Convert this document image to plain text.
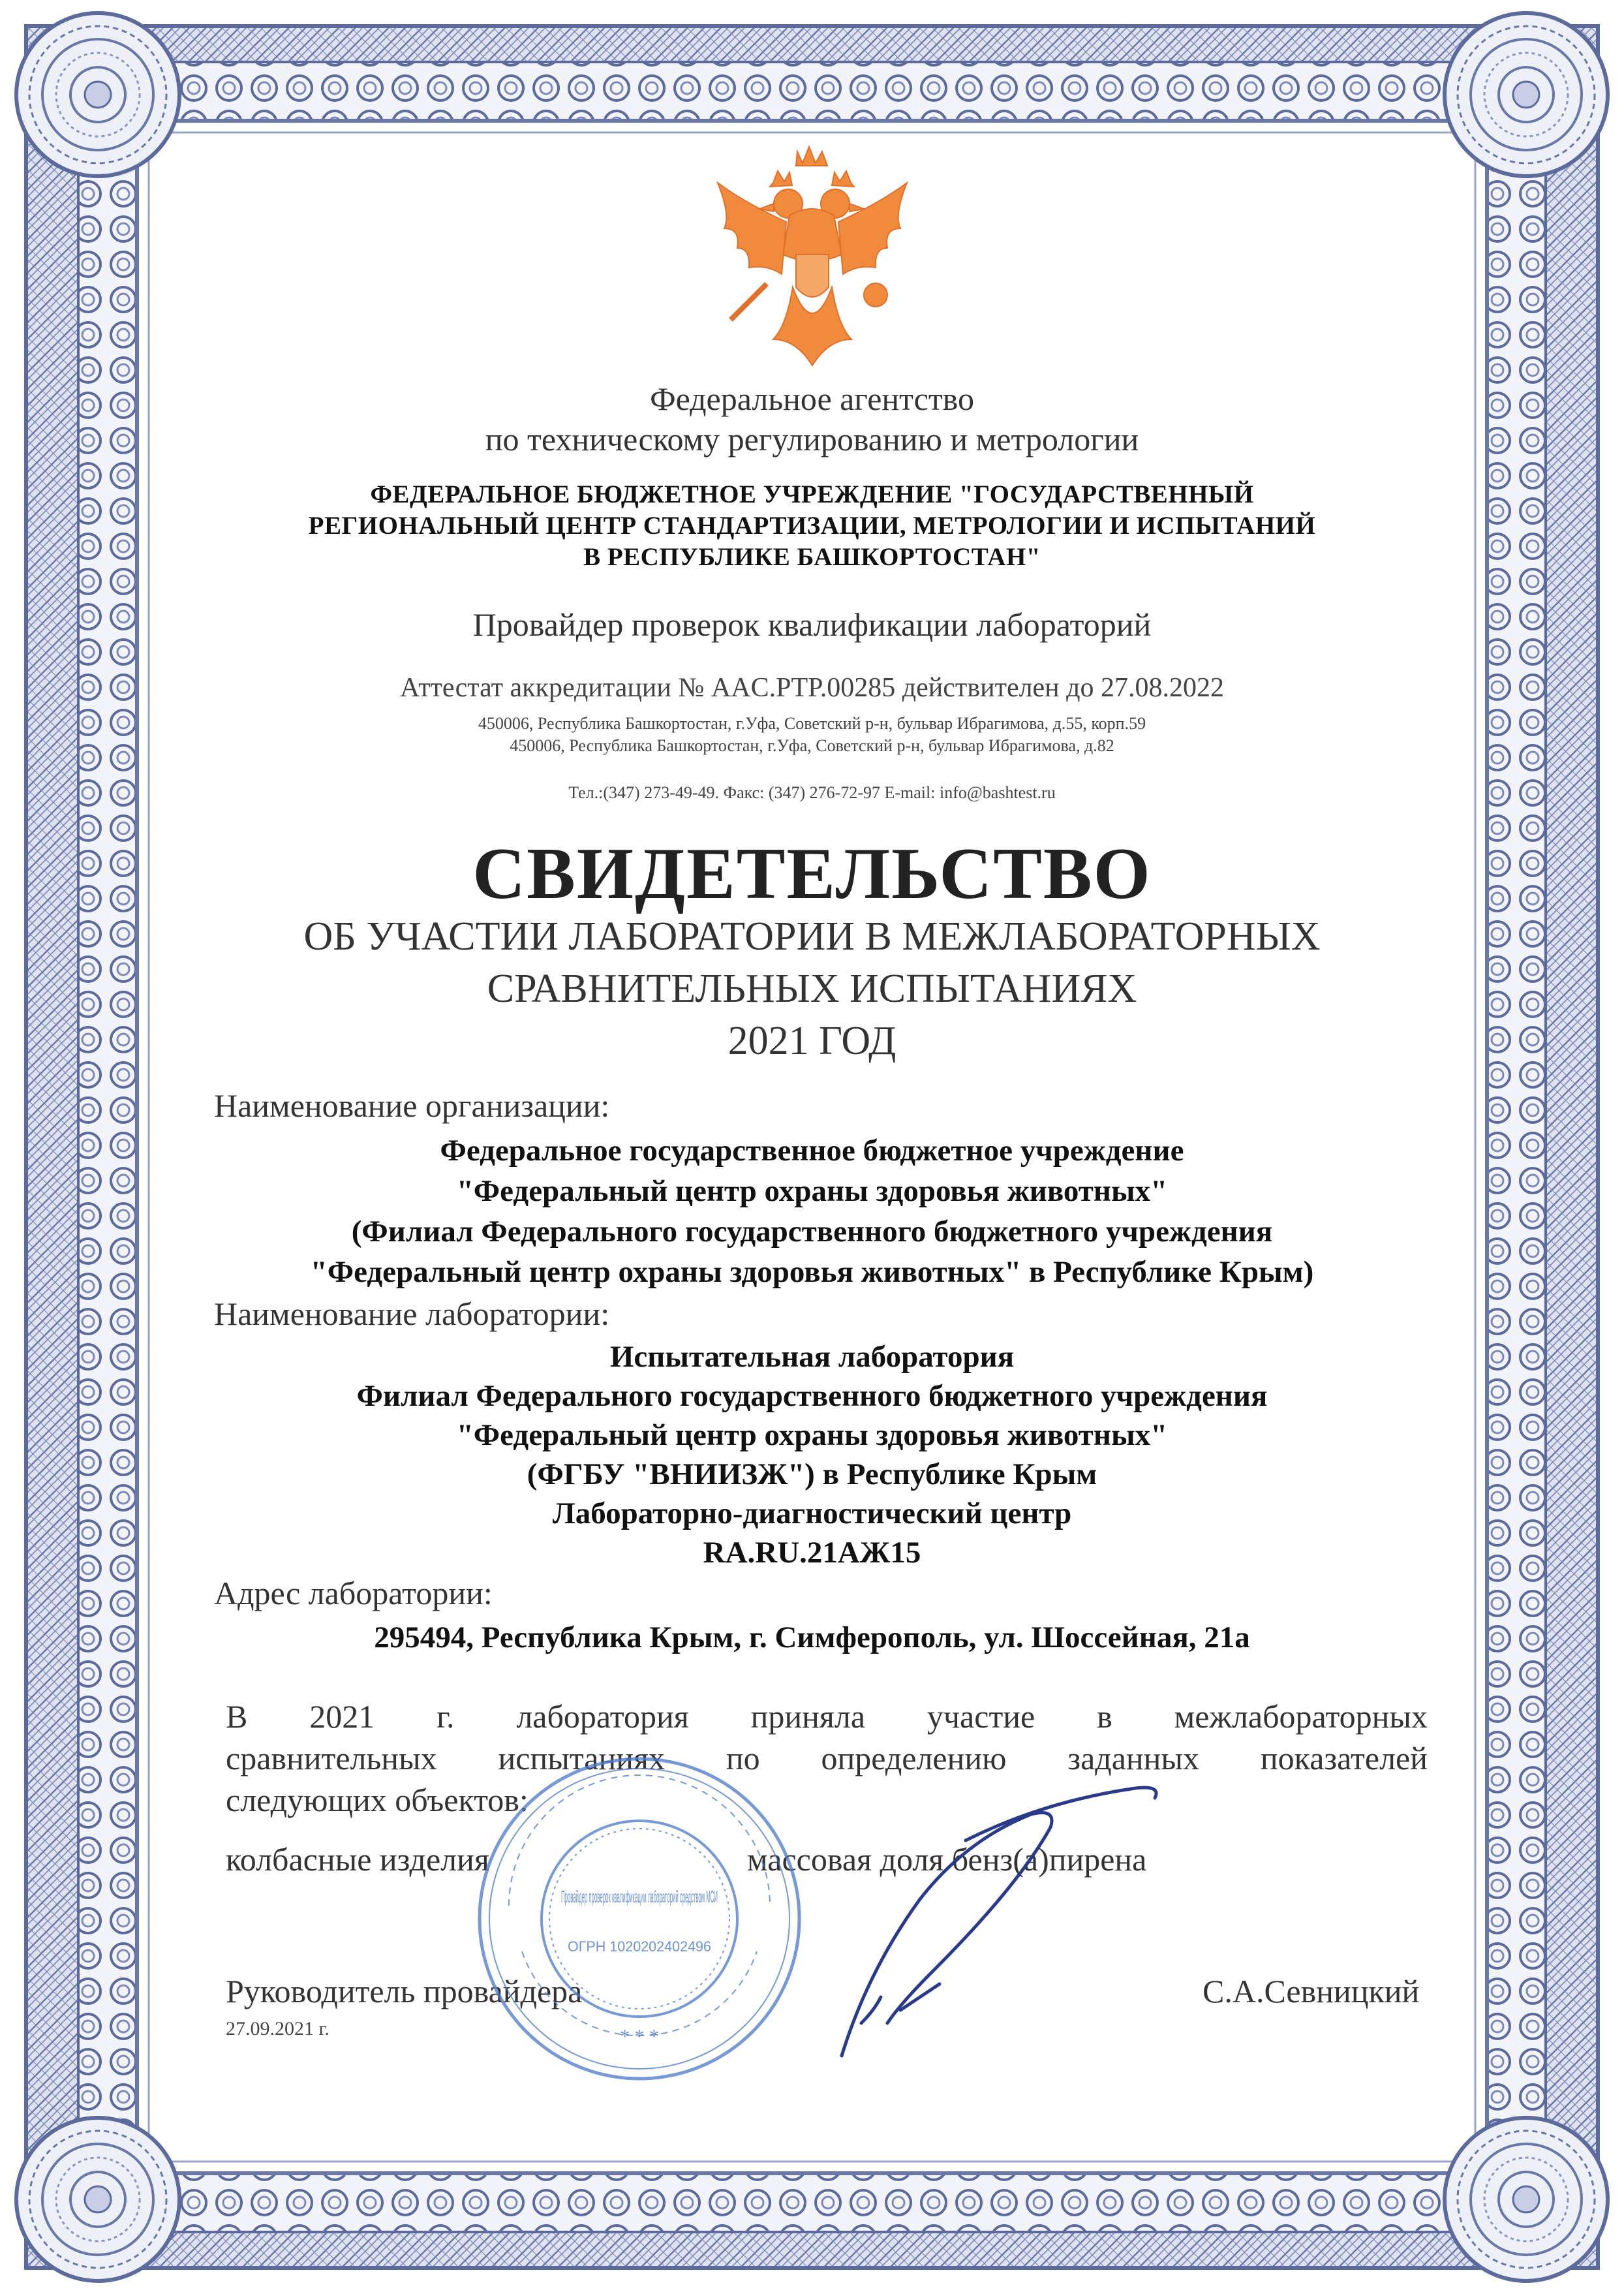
Федеральное агентство
по техническому регулированию и метрологии
ФЕДЕРАЛЬНОЕ БЮДЖЕТНОЕ УЧРЕЖДЕНИЕ "ГОСУДАРСТВЕННЫЙ
РЕГИОНАЛЬНЫЙ ЦЕНТР СТАНДАРТИЗАЦИИ, МЕТРОЛОГИИ И ИСПЫТАНИЙ
В РЕСПУБЛИКЕ БАШКОРТОСТАН"
Провайдер проверок квалификации лабораторий
Аттестат аккредитации № AAC.PTP.00285 действителен до 27.08.2022
450006, Республика Башкортостан, г.Уфа, Советский р-н, бульвар Ибрагимова, д.55, корп.59
450006, Республика Башкортостан, г.Уфа, Советский р-н, бульвар Ибрагимова, д.82
Тел.:(347) 273-49-49. Факс: (347) 276-72-97 E-mail: info@bashtest.ru
СВИДЕТЕЛЬСТВО
ОБ УЧАСТИИ ЛАБОРАТОРИИ В МЕЖЛАБОРАТОРНЫХ
СРАВНИТЕЛЬНЫХ ИСПЫТАНИЯХ
2021 ГОД
Наименование организации:
Федеральное государственное бюджетное учреждение
"Федеральный центр охраны здоровья животных"
(Филиал Федерального государственного бюджетного учреждения
"Федеральный центр охраны здоровья животных" в Республике Крым)
Наименование лаборатории:
Испытательная лаборатория
Филиал Федерального государственного бюджетного учреждения
"Федеральный центр охраны здоровья животных"
(ФГБУ "ВНИИЗЖ") в Республике Крым
Лабораторно-диагностический центр
RA.RU.21АЖ15
Адрес лаборатории:
295494, Республика Крым, г. Симферополь, ул. Шоссейная, 21а
В 2021 г. лаборатория приняла участие в межлабораторных
сравнительных испытаниях по определению заданных показателей
следующих объектов:
колбасные изделия	массовая доля бенз(а)пирена
Руководитель провайдера	С.А.Севницкий
27.09.2021 г.
Провайдер проверок квалификации лабораторий средством МСИ
ОГРН 1020202402496
* * *
